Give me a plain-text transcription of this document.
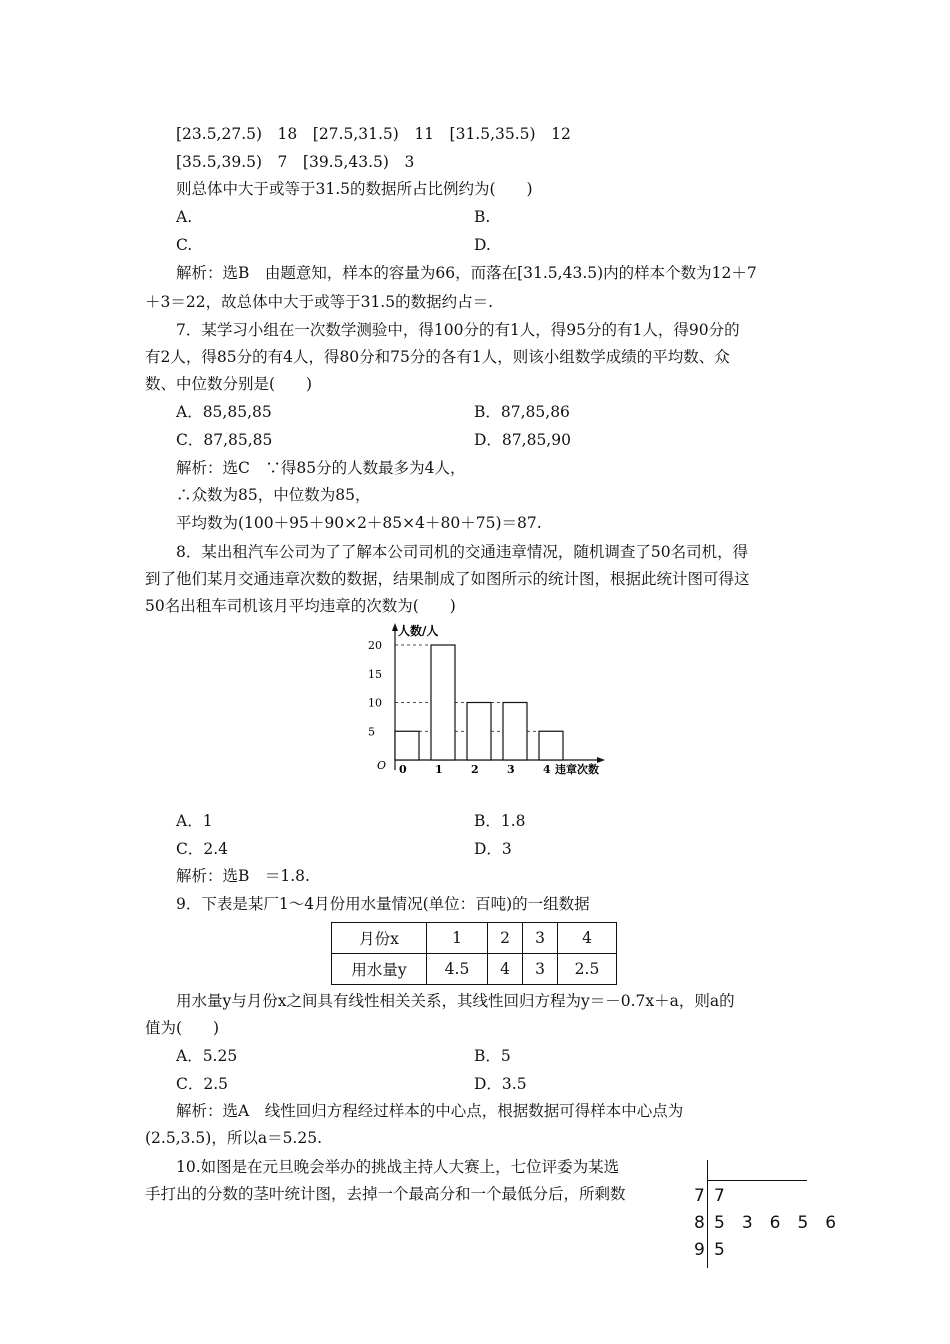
[23.5,27.5)　18　[27.5,31.5)　11　[31.5,35.5)　12
[35.5,39.5)　7　[39.5,43.5)　3
则总体中大于或等于31.5的数据所占比例约为(　　)
A.	B.
C.	D.
解析：选B　由题意知，样本的容量为66，而落在[31.5,43.5)内的样本个数为12＋7
＋3＝22，故总体中大于或等于31.5的数据约占＝.
7．某学习小组在一次数学测验中，得100分的有1人，得95分的有1人，得90分的
有2人，得85分的有4人，得80分和75分的各有1人，则该小组数学成绩的平均数、众
数、中位数分别是(　　)
A．85,85,85	B．87,85,86
C．87,85,85	D．87,85,90
解析：选C　∵得85分的人数最多为4人，
∴众数为85，中位数为85，
平均数为(100＋95＋90×2＋85×4＋80＋75)＝87.
8．某出租汽车公司为了了解本公司司机的交通违章情况，随机调查了50名司机，得
到了他们某月交通违章次数的数据，结果制成了如图所示的统计图，根据此统计图可得这
50名出租车司机该月平均违章的次数为(　　)
人数/人
违章次数
O
5
10
15
20
0	1	2	3	4
A．1	B．1.8
C．2.4	D．3
解析：选B　＝1.8.
9．下表是某厂1～4月份用水量情况(单位：百吨)的一组数据
月份x	1	2	3	4
用水量y	4.5	4	3	2.5
用水量y与月份x之间具有线性相关关系，其线性回归方程为y＝－0.7x＋a，则a的
值为(　　)
A．5.25	B．5
C．2.5	D．3.5
解析：选A　线性回归方程经过样本的中心点，根据数据可得样本中心点为
(2.5,3.5)，所以a＝5.25.
10.如图是在元旦晚会举办的挑战主持人大赛上，七位评委为某选
手打出的分数的茎叶统计图，去掉一个最高分和一个最低分后，所剩数	7 7
8 5　3　6　5　6
9 5
